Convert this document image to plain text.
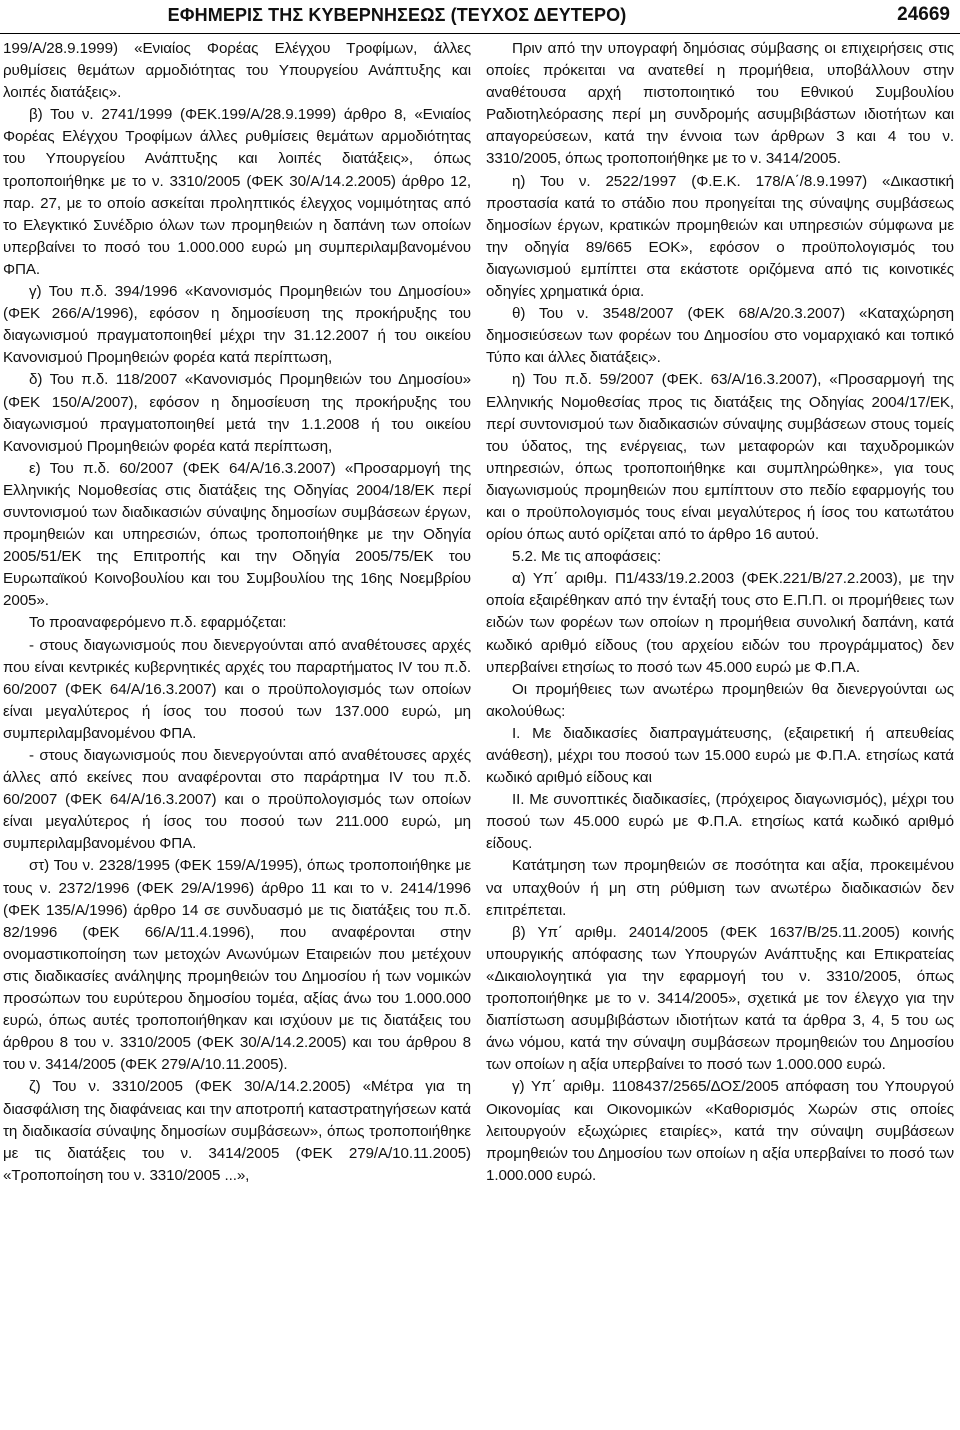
ΕΦΗΜΕΡΙΣ ΤΗΣ ΚΥΒΕΡΝΗΣΕΩΣ (ΤΕΥΧΟΣ ΔΕΥΤΕΡΟ)	24669

199/Α/28.9.1999) «Ενιαίος Φορέας Ελέγχου Τροφίμων, άλλες ρυθμίσεις θεμάτων αρμοδιότητας του Υπουργείου Ανάπτυξης και λοιπές διατάξεις».

β) Του ν. 2741/1999 (ΦΕΚ.199/Α/28.9.1999) άρθρο 8, «Ενιαίος Φορέας Ελέγχου Τροφίμων άλλες ρυθμίσεις θεμάτων αρμοδιότητας του Υπουργείου Ανάπτυξης και λοιπές διατάξεις», όπως τροποποιήθηκε με το ν. 3310/2005 (ΦΕΚ 30/Α/14.2.2005) άρθρο 12, παρ. 27, με το οποίο ασκείται προληπτικός έλεγχος νομιμότητας από το Ελεγκτικό Συνέδριο όλων των προμηθειών η δαπάνη των οποίων υπερβαίνει το ποσό του 1.000.000 ευρώ μη συμπεριλαμβανομένου ΦΠΑ.

γ) Του π.δ. 394/1996 «Κανονισμός Προμηθειών του Δημοσίου» (ΦΕΚ 266/Α/1996), εφόσον η δημοσίευση της προκήρυξης του διαγωνισμού πραγματοποιηθεί μέχρι την 31.12.2007 ή του οικείου Κανονισμού Προμηθειών φορέα κατά περίπτωση,

δ) Του π.δ. 118/2007 «Κανονισμός Προμηθειών του Δημοσίου» (ΦΕΚ 150/Α/2007), εφόσον η δημοσίευση της προκήρυξης του διαγωνισμού πραγματοποιηθεί μετά την 1.1.2008 ή του οικείου Κανονισμού Προμηθειών φορέα κατά περίπτωση,

ε) Του π.δ. 60/2007 (ΦΕΚ 64/Α/16.3.2007) «Προσαρμογή της Ελληνικής Νομοθεσίας στις διατάξεις της Οδηγίας 2004/18/ΕΚ περί συντονισμού των διαδικασιών σύναψης δημοσίων συμβάσεων έργων, προμηθειών και υπηρεσιών, όπως τροποποιήθηκε με την Οδηγία 2005/51/ΕΚ της Επιτροπής και την Οδηγία 2005/75/ΕΚ του Ευρωπαϊκού Κοινοβουλίου και του Συμβουλίου της 16ης Νοεμβρίου 2005».

Το προαναφερόμενο π.δ. εφαρμόζεται:

- στους διαγωνισμούς που διενεργούνται από αναθέτουσες αρχές που είναι κεντρικές κυβερνητικές αρχές του παραρτήματος IV του π.δ. 60/2007 (ΦΕΚ 64/Α/16.3.2007) και ο προϋπολογισμός των οποίων είναι μεγαλύτερος ή ίσος του ποσού των 137.000 ευρώ, μη συμπεριλαμβανομένου ΦΠΑ.

- στους διαγωνισμούς που διενεργούνται από αναθέτουσες αρχές άλλες από εκείνες που αναφέρονται στο παράρτημα IV του π.δ. 60/2007 (ΦΕΚ 64/Α/16.3.2007) και ο προϋπολογισμός των οποίων είναι μεγαλύτερος ή ίσος του ποσού των 211.000 ευρώ, μη συμπεριλαμβανομένου ΦΠΑ.

στ) Του ν. 2328/1995 (ΦΕΚ 159/Α/1995), όπως τροποποιήθηκε με τους ν. 2372/1996 (ΦΕΚ 29/Α/1996) άρθρο 11 και το ν. 2414/1996 (ΦΕΚ 135/Α/1996) άρθρο 14 σε συνδυασμό με τις διατάξεις του π.δ. 82/1996 (ΦΕΚ 66/Α/11.4.1996), που αναφέρονται στην ονομαστικοποίηση των μετοχών Ανωνύμων Εταιρειών που μετέχουν στις διαδικασίες ανάληψης προμηθειών του Δημοσίου ή των νομικών προσώπων του ευρύτερου δημοσίου τομέα, αξίας άνω του 1.000.000 ευρώ, όπως αυτές τροποποιήθηκαν και ισχύουν με τις διατάξεις του άρθρου 8 του ν. 3310/2005 (ΦΕΚ 30/Α/14.2.2005) και του άρθρου 8 του ν. 3414/2005 (ΦΕΚ 279/Α/10.11.2005).

ζ) Του ν. 3310/2005 (ΦΕΚ 30/Α/14.2.2005) «Μέτρα για τη διασφάλιση της διαφάνειας και την αποτροπή καταστρατηγήσεων κατά τη διαδικασία σύναψης δημοσίων συμβάσεων», όπως τροποποιήθηκε με τις διατάξεις του ν. 3414/2005 (ΦΕΚ 279/Α/10.11.2005) «Τροποποίηση του ν. 3310/2005 ...»,

Πριν από την υπογραφή δημόσιας σύμβασης οι επιχειρήσεις στις οποίες πρόκειται να ανατεθεί η προμήθεια, υποβάλλουν στην αναθέτουσα αρχή πιστοποιητικό του Εθνικού Συμβουλίου Ραδιοτηλεόρασης περί μη συνδρομής ασυμβιβάστων ιδιοτήτων και απαγορεύσεων, κατά την έννοια των άρθρων 3 και 4 του ν. 3310/2005, όπως τροποποιήθηκε με το ν. 3414/2005.

η) Του ν. 2522/1997 (Φ.Ε.Κ. 178/Α΄/8.9.1997) «Δικαστική προστασία κατά το στάδιο που προηγείται της σύναψης συμβάσεως δημοσίων έργων, κρατικών προμηθειών και υπηρεσιών σύμφωνα με την οδηγία 89/665 ΕΟΚ», εφόσον ο προϋπολογισμός του διαγωνισμού εμπίπτει στα εκάστοτε οριζόμενα από τις κοινοτικές οδηγίες χρηματικά όρια.

θ) Του ν. 3548/2007 (ΦΕΚ 68/Α/20.3.2007) «Καταχώρηση δημοσιεύσεων των φορέων του Δημοσίου στο νομαρχιακό και τοπικό Τύπο και άλλες διατάξεις».

η) Του π.δ. 59/2007 (ΦΕΚ. 63/Α/16.3.2007), «Προσαρμογή της Ελληνικής Νομοθεσίας προς τις διατάξεις της Οδηγίας 2004/17/ΕΚ, περί συντονισμού των διαδικασιών σύναψης συμβάσεων στους τομείς του ύδατος, της ενέργειας, των μεταφορών και ταχυδρομικών υπηρεσιών, όπως τροποποιήθηκε και συμπληρώθηκε», για τους διαγωνισμούς προμηθειών που εμπίπτουν στο πεδίο εφαρμογής του και ο προϋπολογισμός τους είναι μεγαλύτερος ή ίσος του κατωτάτου ορίου όπως αυτό ορίζεται από το άρθρο 16 αυτού.

5.2. Με τις αποφάσεις:

α) Υπ΄ αριθμ. Π1/433/19.2.2003 (ΦΕΚ.221/Β/27.2.2003), με την οποία εξαιρέθηκαν από την ένταξή τους στο Ε.Π.Π. οι προμήθειες των ειδών των φορέων των οποίων η προμήθεια συνολική δαπάνη, κατά κωδικό αριθμό είδους (του αρχείου ειδών του προγράμματος) δεν υπερβαίνει ετησίως το ποσό των 45.000 ευρώ με Φ.Π.Α.

Οι προμήθειες των ανωτέρω προμηθειών θα διενεργούνται ως ακολούθως:

Ι. Με διαδικασίες διαπραγμάτευσης, (εξαιρετική ή απευθείας ανάθεση), μέχρι του ποσού των 15.000 ευρώ με Φ.Π.Α. ετησίως κατά κωδικό αριθμό είδους και

ΙΙ. Με συνοπτικές διαδικασίες, (πρόχειρος διαγωνισμός), μέχρι του ποσού των 45.000 ευρώ με Φ.Π.Α. ετησίως κατά κωδικό αριθμό είδους.

Κατάτμηση των προμηθειών σε ποσότητα και αξία, προκειμένου να υπαχθούν ή μη στη ρύθμιση των ανωτέρω διαδικασιών δεν επιτρέπεται.

β) Υπ΄ αριθμ. 24014/2005 (ΦΕΚ 1637/Β/25.11.2005) κοινής υπουργικής απόφασης των Υπουργών Ανάπτυξης και Επικρατείας «Δικαιολογητικά για την εφαρμογή του ν. 3310/2005, όπως τροποποιήθηκε με το ν. 3414/2005», σχετικά με τον έλεγχο για την διαπίστωση ασυμβιβάστων ιδιοτήτων κατά τα άρθρα 3, 4, 5 του ως άνω νόμου, κατά την σύναψη συμβάσεων προμηθειών του Δημοσίου των οποίων η αξία υπερβαίνει το ποσό των 1.000.000 ευρώ.

γ) Υπ΄ αριθμ. 1108437/2565/ΔΟΣ/2005 απόφαση του Υπουργού Οικονομίας και Οικονομικών «Καθορισμός Χωρών στις οποίες λειτουργούν εξωχώριες εταιρίες», κατά την σύναψη συμβάσεων προμηθειών του Δημοσίου των οποίων η αξία υπερβαίνει το ποσό των 1.000.000 ευρώ.
